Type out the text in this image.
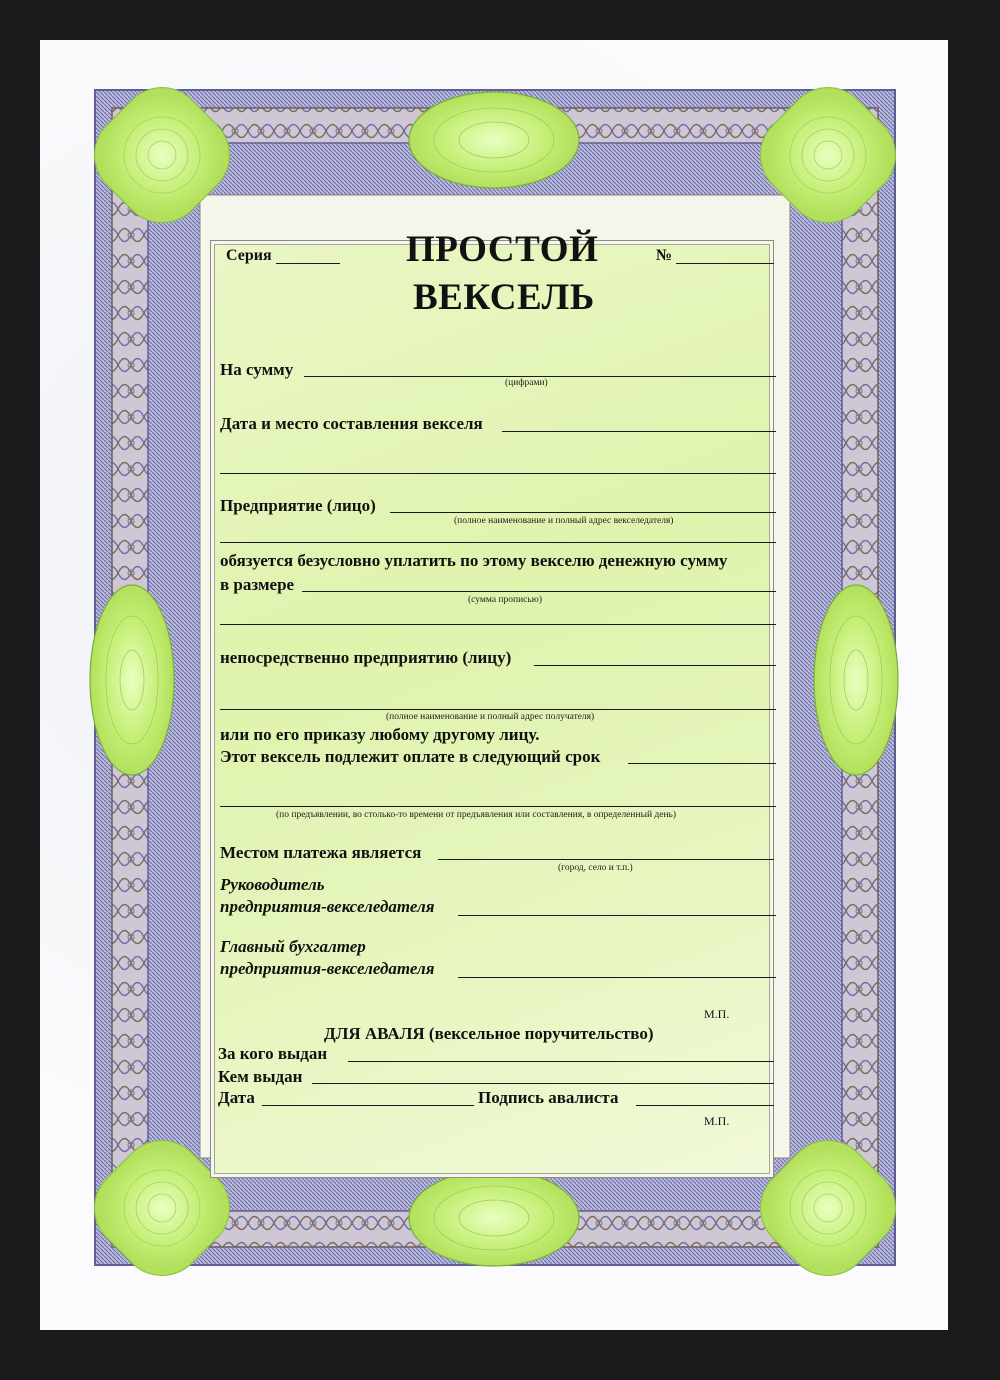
Серия	ПРОСТОЙ
ВЕКСЕЛЬ
№
На сумму
(цифрами)
Дата и место составления векселя
Предприятие (лицо)
(полное наименование и полный адрес векселедателя)
обязуется безусловно уплатить по этому векселю денежную сумму
в размере
(сумма прописью)
непосредственно предприятию (лицу)
(полное наименование и полный адрес получателя)
или по его приказу любому другому лицу.
Этот вексель подлежит оплате в следующий срок
(по предъявлении, во столько-то времени от предъявления или составления, в определенный день)
Местом платежа является
(город, село и т.п.)
Руководитель
предприятия-векселедателя
Главный бухгалтер
предприятия-векселедателя
М.П.
ДЛЯ АВАЛЯ (вексельное поручительство)
За кого выдан
Кем выдан
Дата	Подпись авалиста
М.П.
